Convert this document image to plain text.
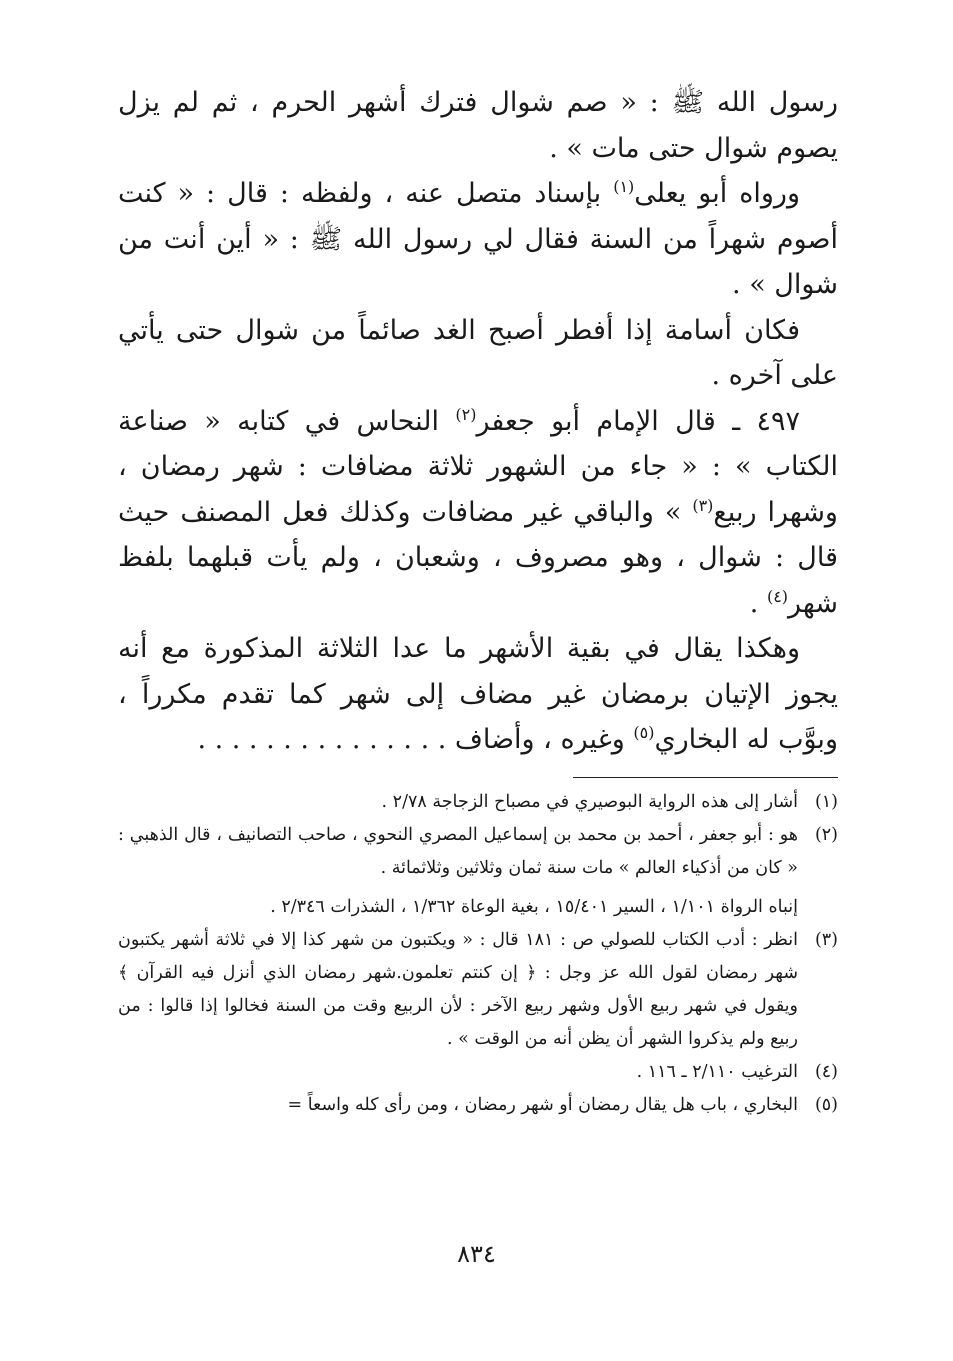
رسول الله ﷺ : « صم شوال فترك أشهر الحرم ، ثم لم يزل يصوم شوال حتى مات » .

ورواه أبو يعلى$^{(١)}$ بإسناد متصل عنه ، ولفظه : قال : « كنت أصوم شهراً من السنة فقال لي رسول الله ﷺ : « أين أنت من شوال » .

فكان أسامة إذا أفطر أصبح الغد صائماً من شوال حتى يأتي على آخره .

٤٩٧ ـ قال الإمام أبو جعفر$^{(٢)}$ النحاس في كتابه « صناعة الكتاب » : « جاء من الشهور ثلاثة مضافات : شهر رمضان ، وشهرا ربيع$^{(٣)}$ » والباقي غير مضافات وكذلك فعل المصنف حيث قال : شوال ، وهو مصروف ، وشعبان ، ولم يأت قبلهما بلفظ شهر$^{(٤)}$ .

وهكذا يقال في بقية الأشهر ما عدا الثلاثة المذكورة مع أنه يجوز الإتيان برمضان غير مضاف إلى شهر كما تقدم مكرراً ، وبوَّب له البخاري$^{(٥)}$ وغيره ، وأضاف . . . . . . . . . . . . . . .

(١)
أشار إلى هذه الرواية البوصيري في مصباح الزجاجة ٢/٧٨ .
(٢)
هو : أبو جعفر ، أحمد بن محمد بن إسماعيل المصري النحوي ، صاحب التصانيف ، قال الذهبي : « كان من أذكياء العالم » مات سنة ثمان وثلاثين وثلاثمائة .
إنباه الرواة ١/١٠١ ، السير ١٥/٤٠١ ، بغية الوعاة ١/٣٦٢ ، الشذرات ٢/٣٤٦ .
(٣)
انظر : أدب الكتاب للصولي ص : ١٨١ قال : « ويكتبون من شهر كذا إلا في ثلاثة أشهر يكتبون شهر رمضان لقول الله عز وجل : ﴿ إن كنتم تعلمون.شهر رمضان الذي أنزل فيه القرآن ﴾ ويقول في شهر ربيع الأول وشهر ربيع الآخر : لأن الربيع وقت من السنة فخالوا إذا قالوا : من ربيع ولم يذكروا الشهر أن يظن أنه من الوقت » .
(٤)
الترغيب ٢/١١٠ ـ ١١٦ .
(٥)
البخاري ، باب هل يقال رمضان أو شهر رمضان ، ومن رأى كله واسعاً =
٨٣٤
